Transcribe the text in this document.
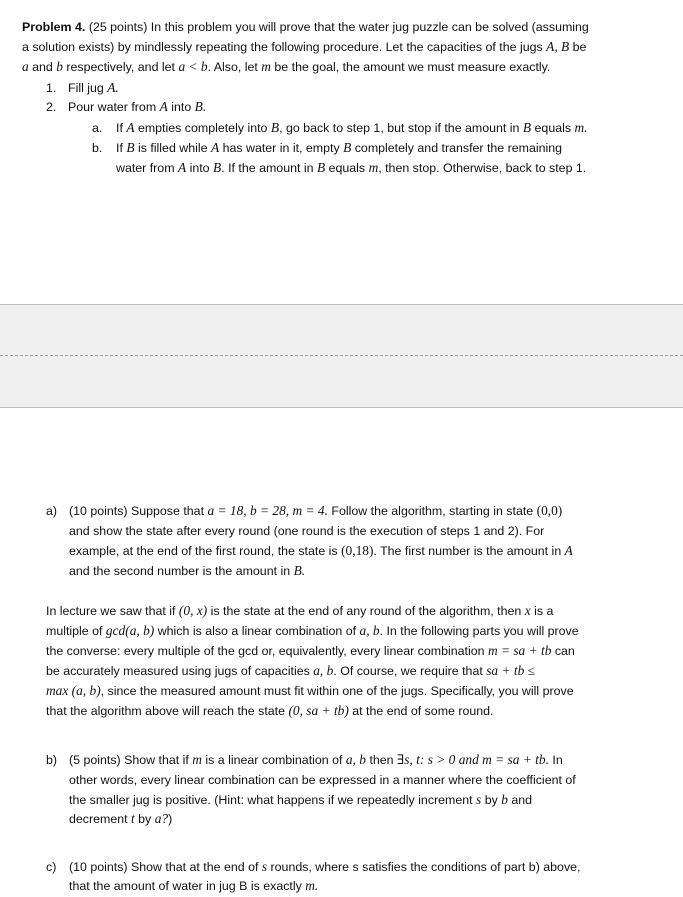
Problem 4. (25 points) In this problem you will prove that the water jug puzzle can be solved (assuming
a solution exists) by mindlessly repeating the following procedure. Let the capacities of the jugs A, B be
a and b respectively, and let a < b. Also, let m be the goal, the amount we must measure exactly.
1. Fill jug A.
2. Pour water from A into B.
a. If A empties completely into B, go back to step 1, but stop if the amount in B equals m.
b. If B is filled while A has water in it, empty B completely and transfer the remaining
water from A into B. If the amount in B equals m, then stop. Otherwise, back to step 1.
a) (10 points) Suppose that a = 18, b = 28, m = 4. Follow the algorithm, starting in state (0,0)
and show the state after every round (one round is the execution of steps 1 and 2). For
example, at the end of the first round, the state is (0,18). The first number is the amount in A
and the second number is the amount in B.
In lecture we saw that if (0, x) is the state at the end of any round of the algorithm, then x is a
multiple of gcd(a, b) which is also a linear combination of a, b. In the following parts you will prove
the converse: every multiple of the gcd or, equivalently, every linear combination m = sa + tb can
be accurately measured using jugs of capacities a, b. Of course, we require that sa + tb ≤
max (a, b), since the measured amount must fit within one of the jugs. Specifically, you will prove
that the algorithm above will reach the state (0, sa + tb) at the end of some round.
b) (5 points) Show that if m is a linear combination of a, b then ∃s, t: s > 0 and m = sa + tb. In
other words, every linear combination can be expressed in a manner where the coefficient of
the smaller jug is positive. (Hint: what happens if we repeatedly increment s by b and
decrement t by a?)
c) (10 points) Show that at the end of s rounds, where s satisfies the conditions of part b) above,
that the amount of water in jug B is exactly m.
